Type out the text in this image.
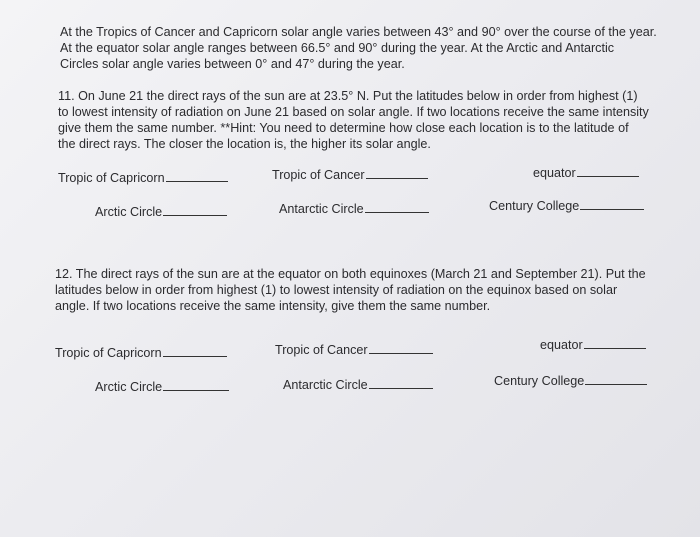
At the Tropics of Cancer and Capricorn solar angle varies between 43° and 90° over the course of the year.
At the equator solar angle ranges between 66.5° and 90° during the year. At the Arctic and Antarctic
Circles solar angle varies between 0° and 47° during the year.

11. On June 21 the direct rays of the sun are at 23.5° N. Put the latitudes below in order from highest (1)
to lowest intensity of radiation on June 21 based on solar angle. If two locations receive the same intensity
give them the same number. **Hint: You need to determine how close each location is to the latitude of
the direct rays. The closer the location is, the higher its solar angle.

Tropic of Capricorn	Tropic of Cancer	equator
Arctic Circle	Antarctic Circle	Century College

12. The direct rays of the sun are at the equator on both equinoxes (March 21 and September 21). Put the
latitudes below in order from highest (1) to lowest intensity of radiation on the equinox based on solar
angle. If two locations receive the same intensity, give them the same number.

Tropic of Capricorn	Tropic of Cancer	equator
Arctic Circle	Antarctic Circle	Century College
